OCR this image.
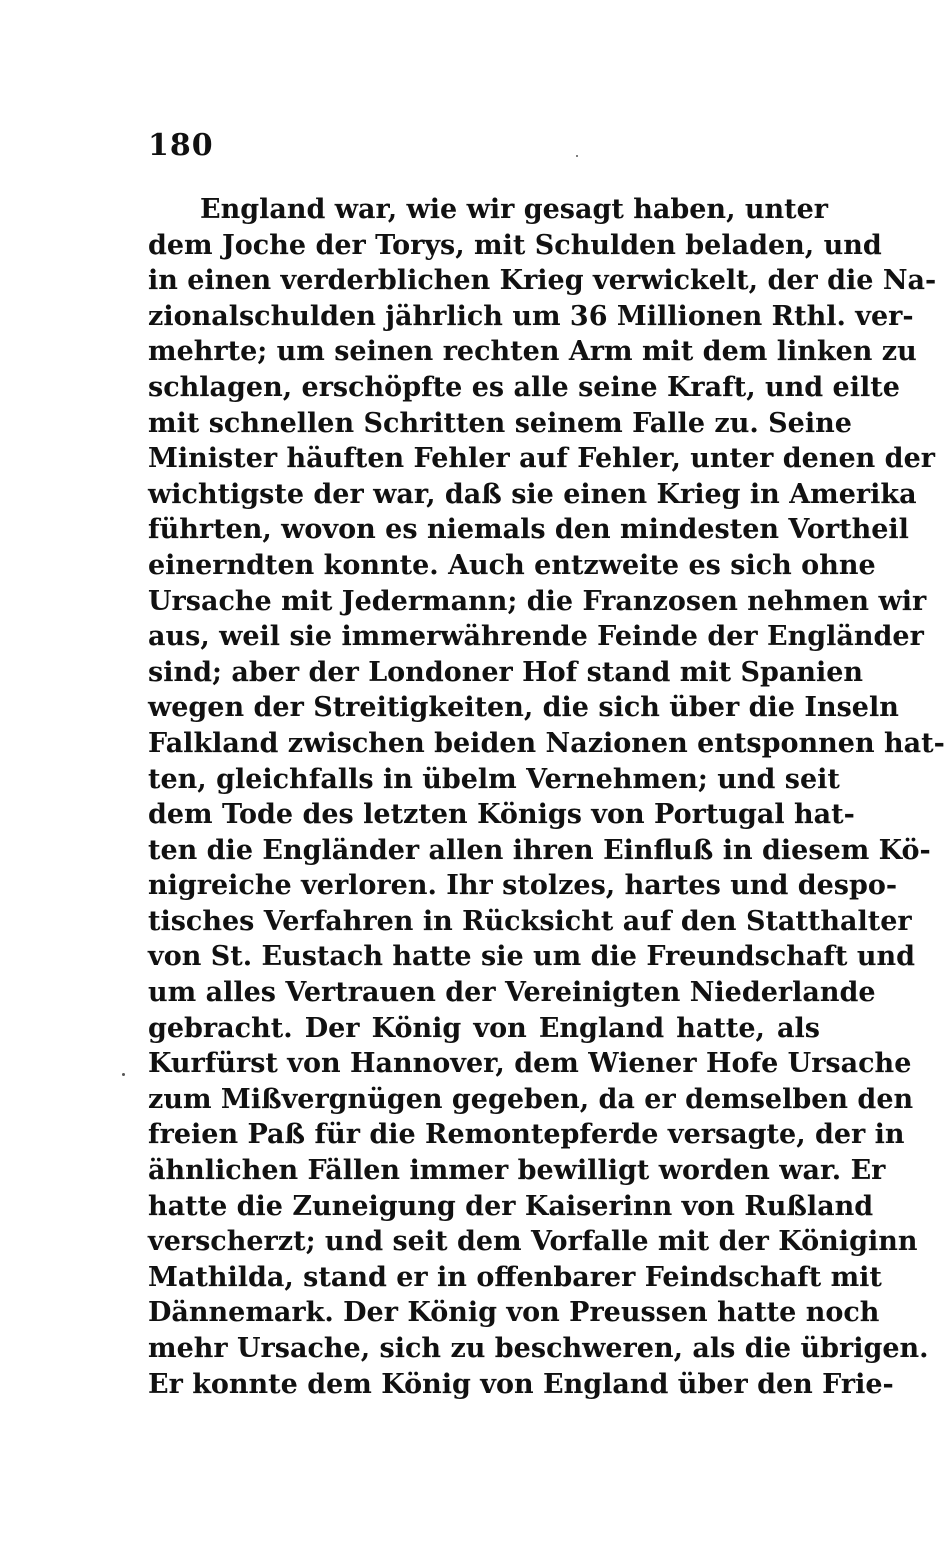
180
England war, wie wir gesagt haben, unter
dem Joche der Torys, mit Schulden beladen, und
in einen verderblichen Krieg verwickelt, der die Na-
zionalschulden jährlich um 36 Millionen Rthl. ver-
mehrte; um seinen rechten Arm mit dem linken zu
schlagen, erschöpfte es alle seine Kraft, und eilte
mit schnellen Schritten seinem Falle zu. Seine
Minister häuften Fehler auf Fehler, unter denen der
wichtigste der war, daß sie einen Krieg in Amerika
führten, wovon es niemals den mindesten Vortheil
einerndten konnte. Auch entzweite es sich ohne
Ursache mit Jedermann; die Franzosen nehmen wir
aus, weil sie immerwährende Feinde der Engländer
sind; aber der Londoner Hof stand mit Spanien
wegen der Streitigkeiten, die sich über die Inseln
Falkland zwischen beiden Nazionen entsponnen hat-
ten, gleichfalls in übelm Vernehmen; und seit
dem Tode des letzten Königs von Portugal hat-
ten die Engländer allen ihren Einfluß in diesem Kö-
nigreiche verloren. Ihr stolzes, hartes und despo-
tisches Verfahren in Rücksicht auf den Statthalter
von St. Eustach hatte sie um die Freundschaft und
um alles Vertrauen der Vereinigten Niederlande
gebracht. Der König von England hatte, als
Kurfürst von Hannover, dem Wiener Hofe Ursache
zum Mißvergnügen gegeben, da er demselben den
freien Paß für die Remontepferde versagte, der in
ähnlichen Fällen immer bewilligt worden war. Er
hatte die Zuneigung der Kaiserinn von Rußland
verscherzt; und seit dem Vorfalle mit der Königinn
Mathilda, stand er in offenbarer Feindschaft mit
Dännemark. Der König von Preussen hatte noch
mehr Ursache, sich zu beschweren, als die übrigen.
Er konnte dem König von England über den Frie-
